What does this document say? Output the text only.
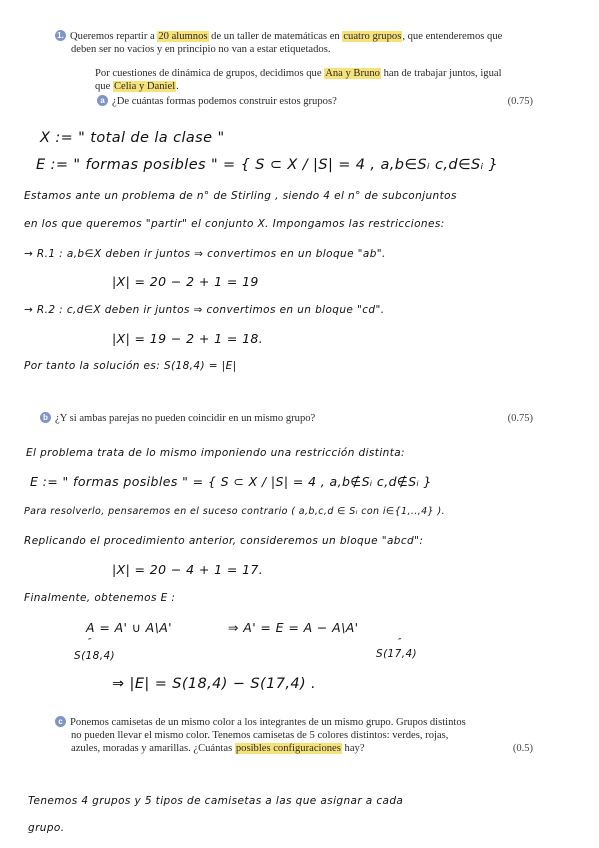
1. Queremos repartir a 20 alumnos de un taller de matemáticas en cuatro grupos, que entenderemos que
deben ser no vacíos y en principio no van a estar etiquetados.
Por cuestiones de dinámica de grupos, decidimos que Ana y Bruno han de trabajar juntos, igual
que Celia y Daniel.
a ¿De cuántas formas podemos construir estos grupos?	(0.75)
X := " total de la clase "
E := " formas posibles " = { S ⊂ X / |S| = 4 , a,b∈Sᵢ c,d∈Sᵢ }
Estamos ante un problema de n° de Stirling , siendo 4 el n° de subconjuntos
en los que queremos "partir" el conjunto X. Impongamos las restricciones:
→ R.1 : a,b∈X deben ir juntos ⇒ convertimos en un bloque "ab".
|X| = 20 − 2 + 1 = 19
→ R.2 : c,d∈X deben ir juntos ⇒ convertimos en un bloque "cd".
|X| = 19 − 2 + 1 = 18.
Por tanto la solución es: S(18,4) = |E|
b ¿Y si ambas parejas no pueden coincidir en un mismo grupo?	(0.75)
El problema trata de lo mismo imponiendo una restricción distinta:
E := " formas posibles " = { S ⊂ X / |S| = 4 , a,b∉Sᵢ c,d∉Sᵢ }
Para resolverlo, pensaremos en el suceso contrario ( a,b,c,d ∈ Sᵢ con i∈{1,..,4} ).
Replicando el procedimiento anterior, consideremos un bloque "abcd":
|X| = 20 − 4 + 1 = 17.
Finalmente, obtenemos E :
A = A' ∪ A\A'	⇒ A' = E = A − A\A'
″	″
S(18,4)	S(17,4)
⇒ |E| = S(18,4) − S(17,4) .
c Ponemos camisetas de un mismo color a los integrantes de un mismo grupo. Grupos distintos
no pueden llevar el mismo color. Tenemos camisetas de 5 colores distintos: verdes, rojas,
azules, moradas y amarillas. ¿Cuántas posibles configuraciones hay?	(0.5)
Tenemos 4 grupos y 5 tipos de camisetas a las que asignar a cada
grupo.
